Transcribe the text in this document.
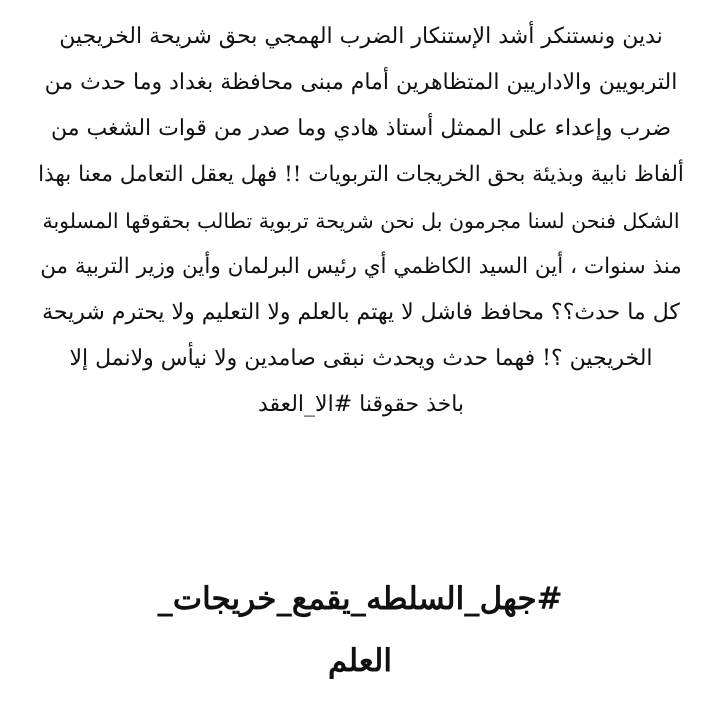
ندين ونستنكر أشد الإستنكار الضرب الهمجي بحق شريحة الخريجين
التربويين والاداريين المتظاهرين أمام مبنى محافظة بغداد وما حدث من
ضرب وإعداء على الممثل أستاذ هادي وما صدر من قوات الشغب من
ألفاظ نابية وبذيئة بحق الخريجات التربويات !! فهل يعقل التعامل معنا بهذا
الشكل فنحن لسنا مجرمون بل نحن شريحة تربوية تطالب بحقوقها المسلوبة
منذ سنوات ، أين السيد الكاظمي أي رئيس البرلمان وأين وزير التربية من
كل ما حدث؟؟ محافظ فاشل لا يهتم بالعلم ولا التعليم ولا يحترم شريحة
الخريجين ؟! فهما حدث ويحدث نبقى صامدين ولا نيأس ولانمل إلا
باخذ حقوقنا #الا_العقد
#جهل_السلطه_يقمع_خريجات_
العلم
